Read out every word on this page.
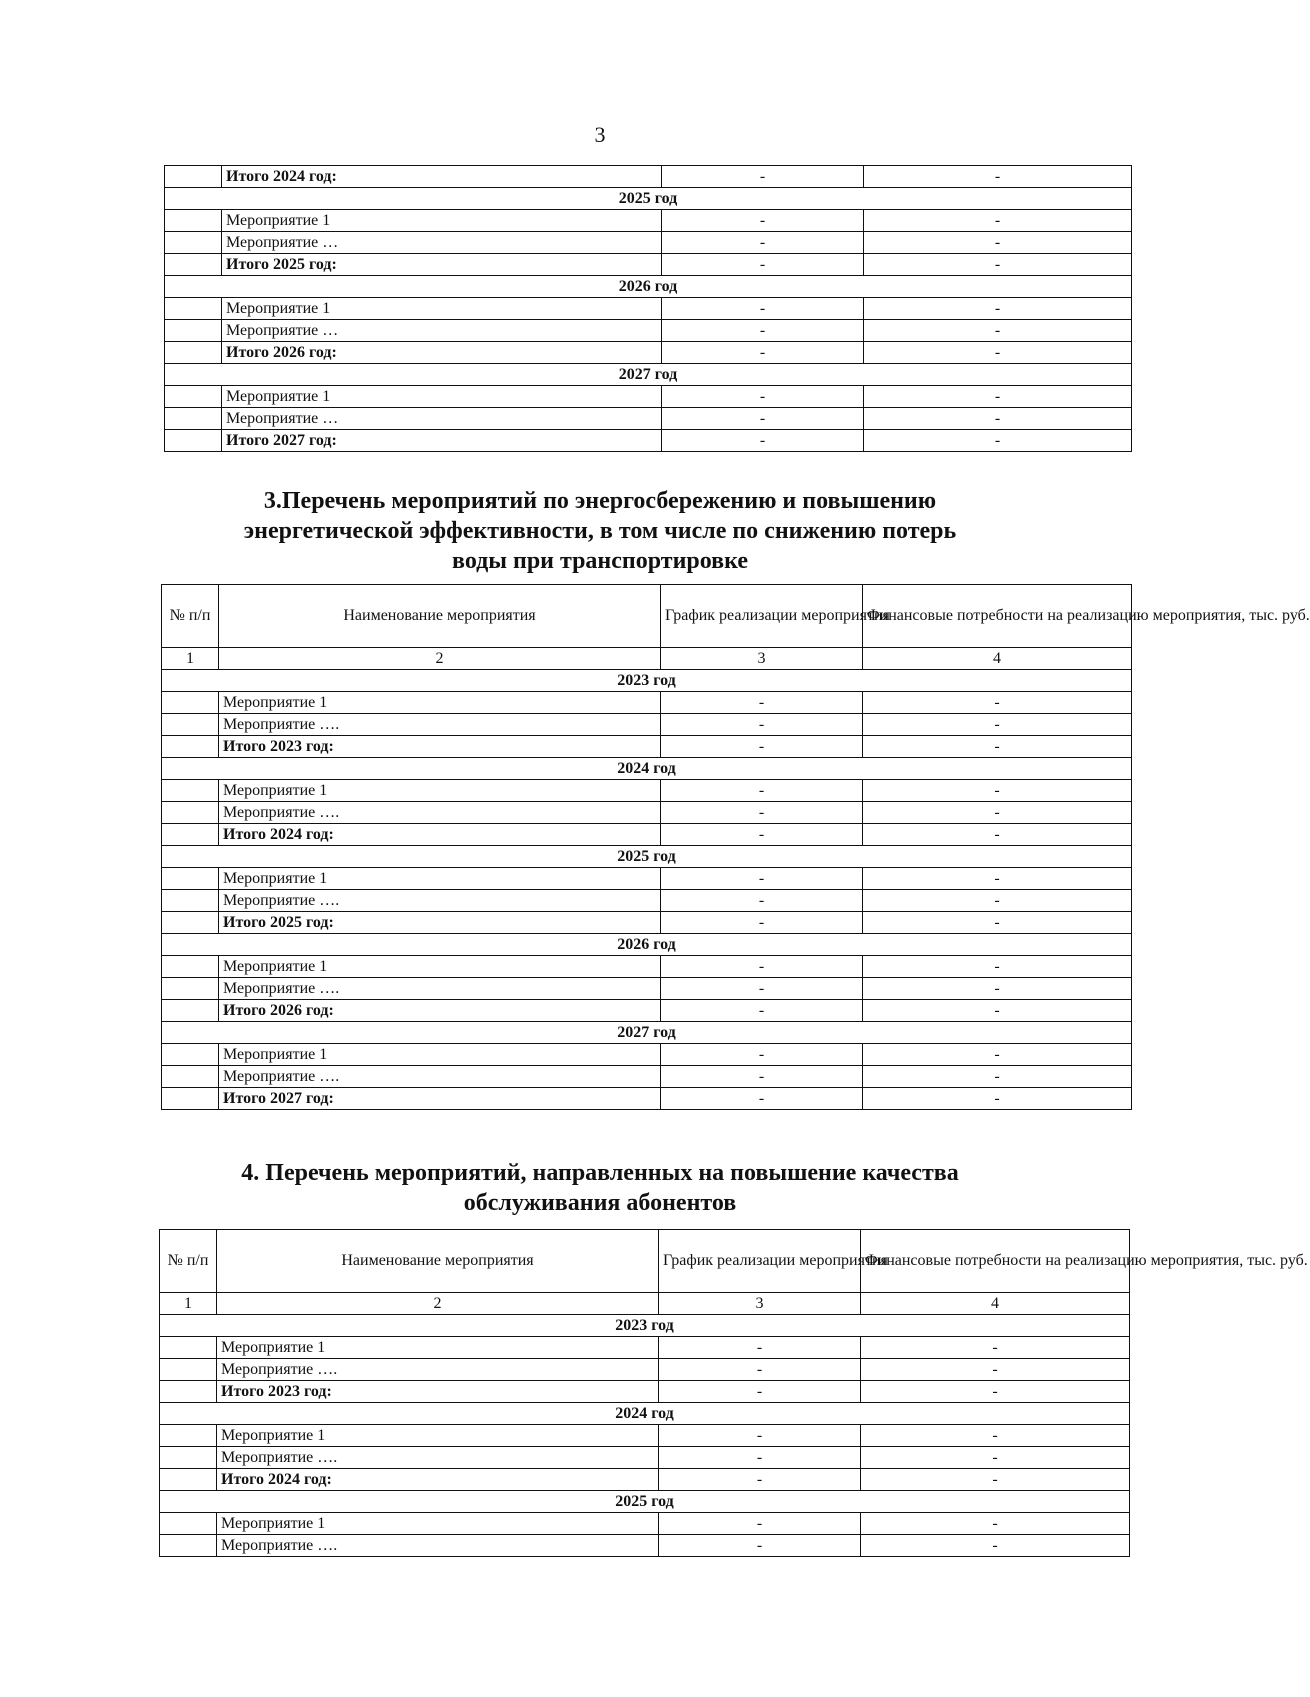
3
	Итого 2024 год:	-	-
2025 год			
	Мероприятие 1	-	-
	Мероприятие …	-	-
	Итого 2025 год:	-	-
2026 год			
	Мероприятие 1	-	-
	Мероприятие …	-	-
	Итого 2026 год:	-	-
2027 год			
	Мероприятие 1	-	-
	Мероприятие …	-	-
	Итого 2027 год:	-	-
3.Перечень мероприятий по энергосбережению и повышению
энергетической эффективности, в том числе по снижению потерь
воды при транспортировке
№ п/п	Наименование мероприятия	График реализации мероприятия	Финансовые потребности на реализацию мероприятия, тыс. руб.
1	2	3	4
2023 год			
	Мероприятие 1	-	-
	Мероприятие ….	-	-
	Итого 2023 год:	-	-
2024 год			
	Мероприятие 1	-	-
	Мероприятие ….	-	-
	Итого 2024 год:	-	-
2025 год			
	Мероприятие 1	-	-
	Мероприятие ….	-	-
	Итого 2025 год:	-	-
2026 год			
	Мероприятие 1	-	-
	Мероприятие ….	-	-
	Итого 2026 год:	-	-
2027 год			
	Мероприятие 1	-	-
	Мероприятие ….	-	-
	Итого 2027 год:	-	-
4. Перечень мероприятий, направленных на повышение качества
обслуживания абонентов
№ п/п	Наименование мероприятия	График реализации мероприятия	Финансовые потребности на реализацию мероприятия, тыс. руб.
1	2	3	4
2023 год			
	Мероприятие 1	-	-
	Мероприятие ….	-	-
	Итого 2023 год:	-	-
2024 год			
	Мероприятие 1	-	-
	Мероприятие ….	-	-
	Итого 2024 год:	-	-
2025 год			
	Мероприятие 1	-	-
	Мероприятие ….	-	-
